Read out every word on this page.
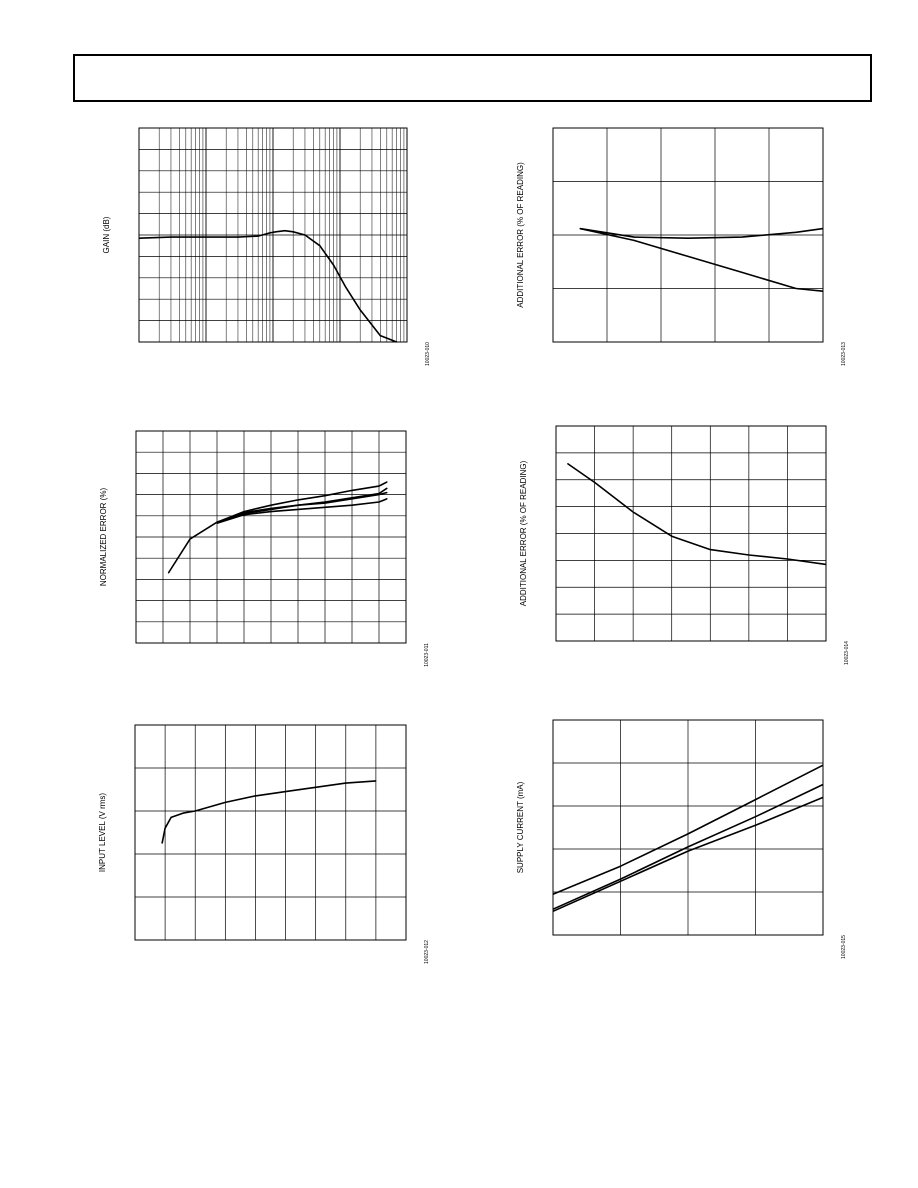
GAIN (dB)
10023-010
ADDITIONAL ERROR (% OF READING)
10023-013
NORMALIZED ERROR (%)
10023-011
ADDITIONAL ERROR (% OF READING)
10023-014
INPUT LEVEL (V rms)
10023-012
SUPPLY CURRENT (mA)
10023-015
